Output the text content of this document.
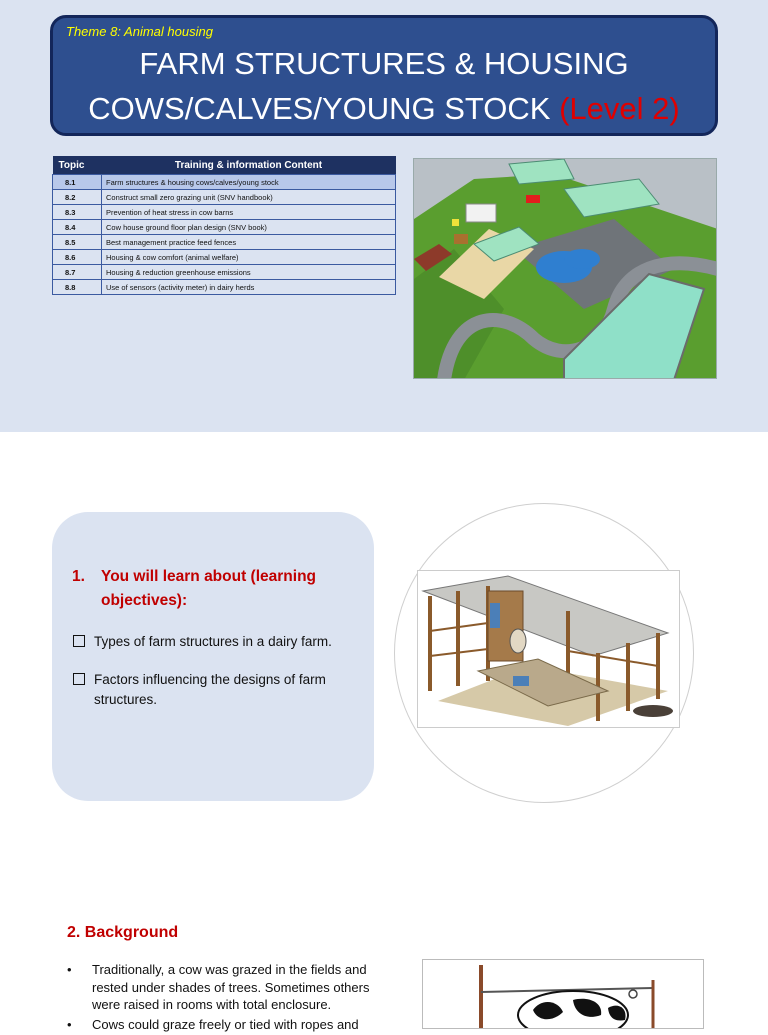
Theme 8: Animal housing
FARM STRUCTURES & HOUSING
COWS/CALVES/YOUNG STOCK (Level 2)
Topic	Training & information Content
8.1	Farm structures & housing cows/calves/young stock
8.2	Construct small zero grazing unit (SNV handbook)
8.3	Prevention of heat stress in cow barns
8.4	Cow house ground floor plan design (SNV book)
8.5	Best management practice feed fences
8.6	Housing & cow comfort (animal welfare)
8.7	Housing & reduction greenhouse emissions
8.8	Use of sensors (activity meter) in dairy herds
1. You will learn about (learning objectives):
Types of farm structures in a dairy farm.
Factors influencing the designs of farm structures.
2. Background
• Traditionally, a cow was grazed in the fields and rested under shades of trees. Sometimes others were raised in rooms with total enclosure.
• Cows could graze freely or tied with ropes and
